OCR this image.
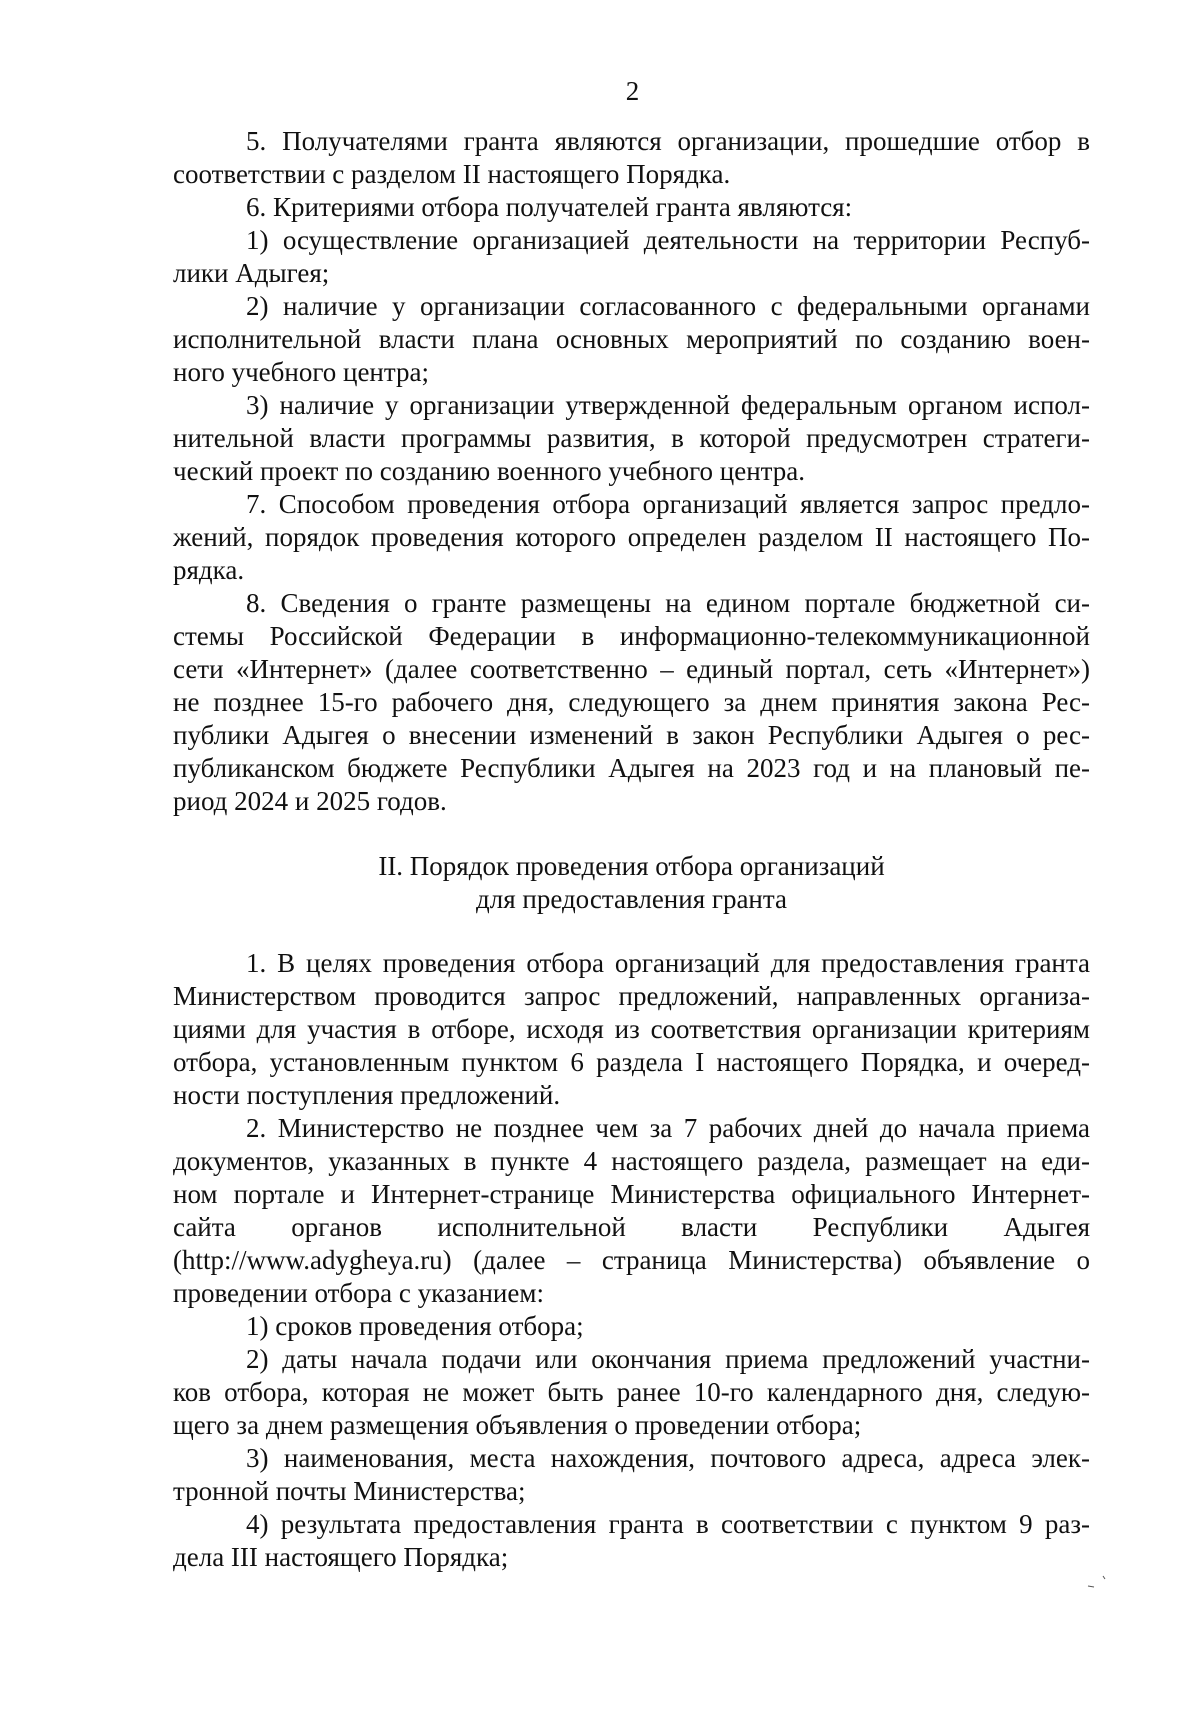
2
5. Получателями гранта являются организации, прошедшие отбор в
соответствии с разделом II настоящего Порядка.
6. Критериями отбора получателей гранта являются:
1) осуществление организацией деятельности на территории Респуб-
лики Адыгея;
2) наличие у организации согласованного с федеральными органами
исполнительной власти плана основных мероприятий по созданию воен-
ного учебного центра;
3) наличие у организации утвержденной федеральным органом испол-
нительной власти программы развития, в которой предусмотрен стратеги-
ческий проект по созданию военного учебного центра.
7. Способом проведения отбора организаций является запрос предло-
жений, порядок проведения которого определен разделом II настоящего По-
рядка.
8. Сведения о гранте размещены на едином портале бюджетной си-
стемы Российской Федерации в информационно-телекоммуникационной
сети «Интернет» (далее соответственно – единый портал, сеть «Интернет»)
не позднее 15-го рабочего дня, следующего за днем принятия закона Рес-
публики Адыгея о внесении изменений в закон Республики Адыгея о рес-
публиканском бюджете Республики Адыгея на 2023 год и на плановый пе-
риод 2024 и 2025 годов.
II. Порядок проведения отбора организаций
для предоставления гранта
1. В целях проведения отбора организаций для предоставления гранта
Министерством проводится запрос предложений, направленных организа-
циями для участия в отборе, исходя из соответствия организации критериям
отбора, установленным пунктом 6 раздела I настоящего Порядка, и очеред-
ности поступления предложений.
2. Министерство не позднее чем за 7 рабочих дней до начала приема
документов, указанных в пункте 4 настоящего раздела, размещает на еди-
ном портале и Интернет-странице Министерства официального Интернет-
сайта органов исполнительной власти Республики Адыгея
(http://www.adygheya.ru) (далее – страница Министерства) объявление о
проведении отбора с указанием:
1) сроков проведения отбора;
2) даты начала подачи или окончания приема предложений участни-
ков отбора, которая не может быть ранее 10-го календарного дня, следую-
щего за днем размещения объявления о проведении отбора;
3) наименования, места нахождения, почтового адреса, адреса элек-
тронной почты Министерства;
4) результата предоставления гранта в соответствии с пунктом 9 раз-
дела III настоящего Порядка;
